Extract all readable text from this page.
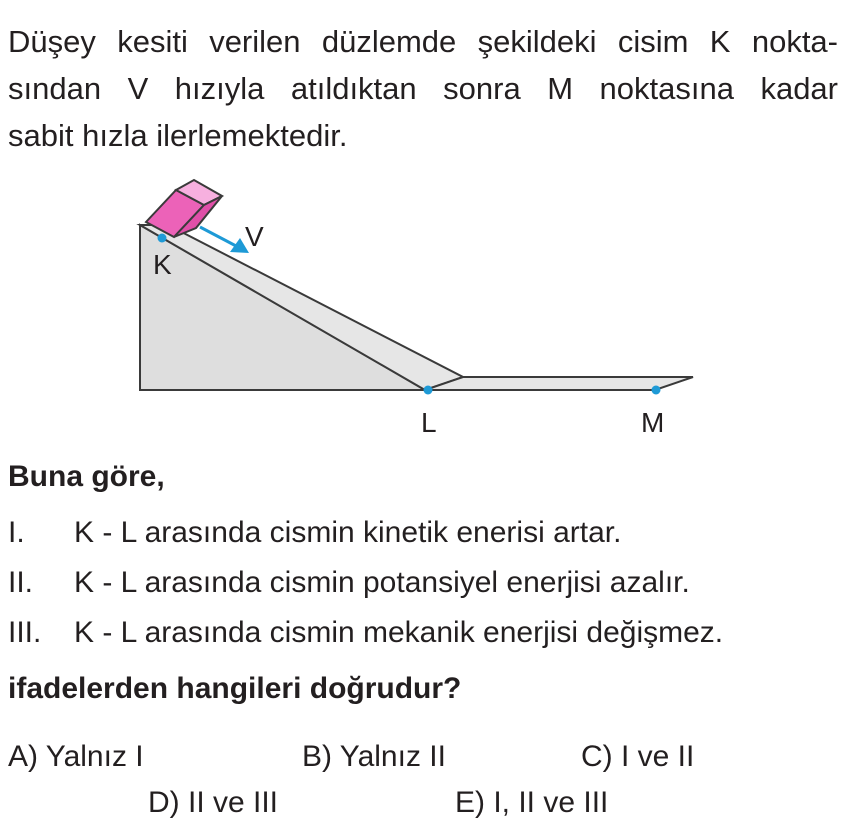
Düşey kesiti verilen düzlemde şekildeki cisim K nokta-
sından V hızıyla atıldıktan sonra M noktasına kadar
sabit hızla ilerlemektedir.
V
K
L	M
Buna göre,
I. K - L arasında cismin kinetik enerisi artar.
II. K - L arasında cismin potansiyel enerjisi azalır.
III. K - L arasında cismin mekanik enerjisi değişmez.
ifadelerden hangileri doğrudur?
A) Yalnız I	B) Yalnız II	C) I ve II
D) II ve III	E) I, II ve III
